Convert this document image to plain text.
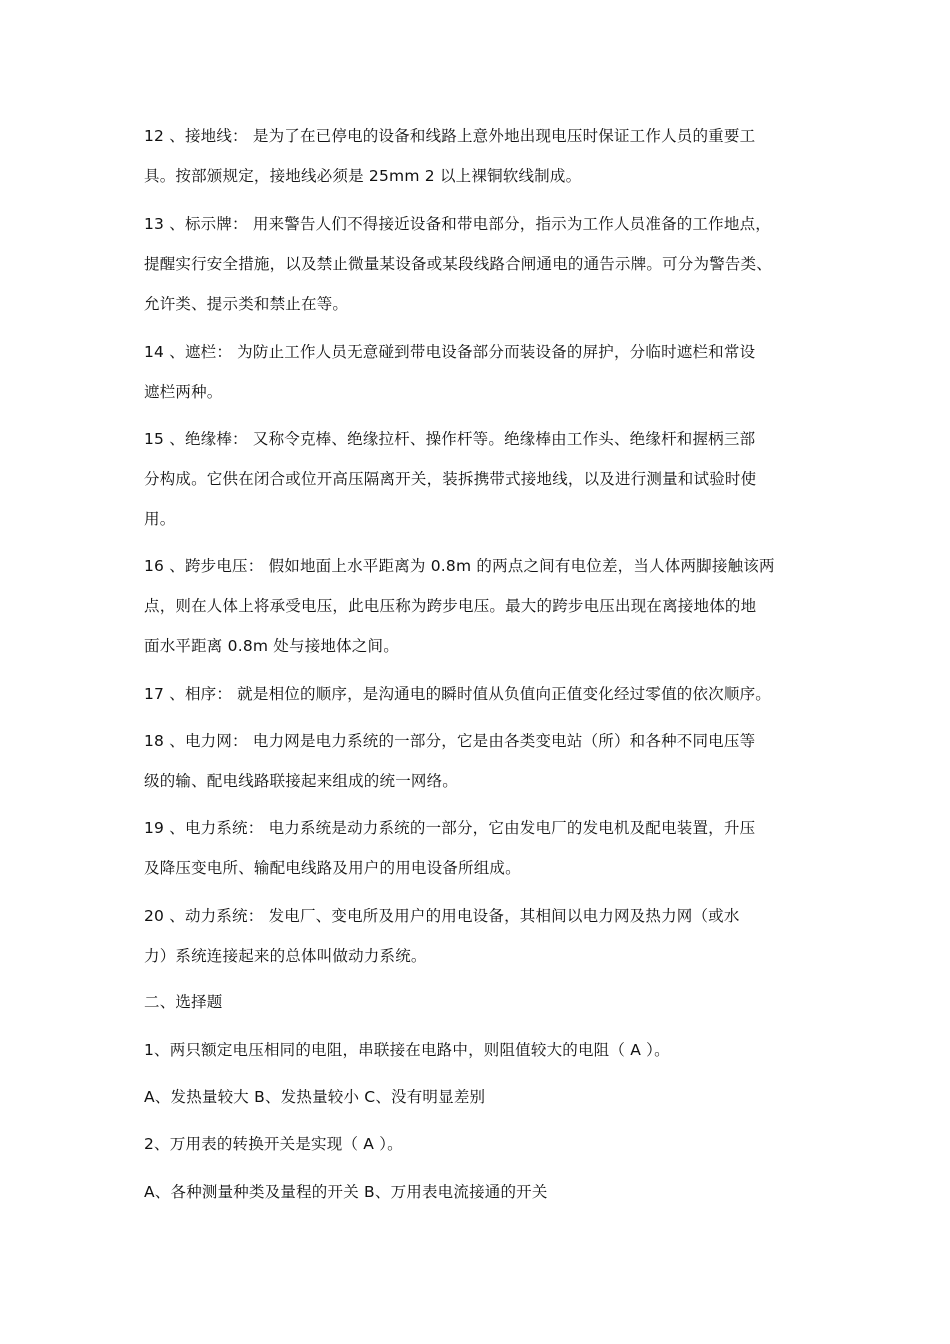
12 、接地线： 是为了在已停电的设备和线路上意外地出现电压时保证工作人员的重要工
具。按部颁规定，接地线必须是 25mm 2 以上裸铜软线制成。
13 、标示牌： 用来警告人们不得接近设备和带电部分，指示为工作人员准备的工作地点，
提醒实行安全措施，以及禁止微量某设备或某段线路合闸通电的通告示牌。可分为警告类、
允许类、提示类和禁止在等。
14 、遮栏： 为防止工作人员无意碰到带电设备部分而装设备的屏护，分临时遮栏和常设
遮栏两种。
15 、绝缘棒： 又称令克棒、绝缘拉杆、操作杆等。绝缘棒由工作头、绝缘杆和握柄三部
分构成。它供在闭合或位开高压隔离开关，装拆携带式接地线，以及进行测量和试验时使
用。
16 、跨步电压： 假如地面上水平距离为 0.8m 的两点之间有电位差，当人体两脚接触该两
点，则在人体上将承受电压，此电压称为跨步电压。最大的跨步电压出现在离接地体的地
面水平距离 0.8m 处与接地体之间。
17 、相序： 就是相位的顺序，是沟通电的瞬时值从负值向正值变化经过零值的依次顺序。
18 、电力网： 电力网是电力系统的一部分，它是由各类变电站（所）和各种不同电压等
级的输、配电线路联接起来组成的统一网络。
19 、电力系统： 电力系统是动力系统的一部分，它由发电厂的发电机及配电装置，升压
及降压变电所、输配电线路及用户的用电设备所组成。
20 、动力系统： 发电厂、变电所及用户的用电设备，其相间以电力网及热力网（或水
力）系统连接起来的总体叫做动力系统。
二、选择题
1、两只额定电压相同的电阻，串联接在电路中，则阻值较大的电阻（ A ）。
A、发热量较大 B、发热量较小 C、没有明显差别
2、万用表的转换开关是实现（ A ）。
A、各种测量种类及量程的开关 B、万用表电流接通的开关
